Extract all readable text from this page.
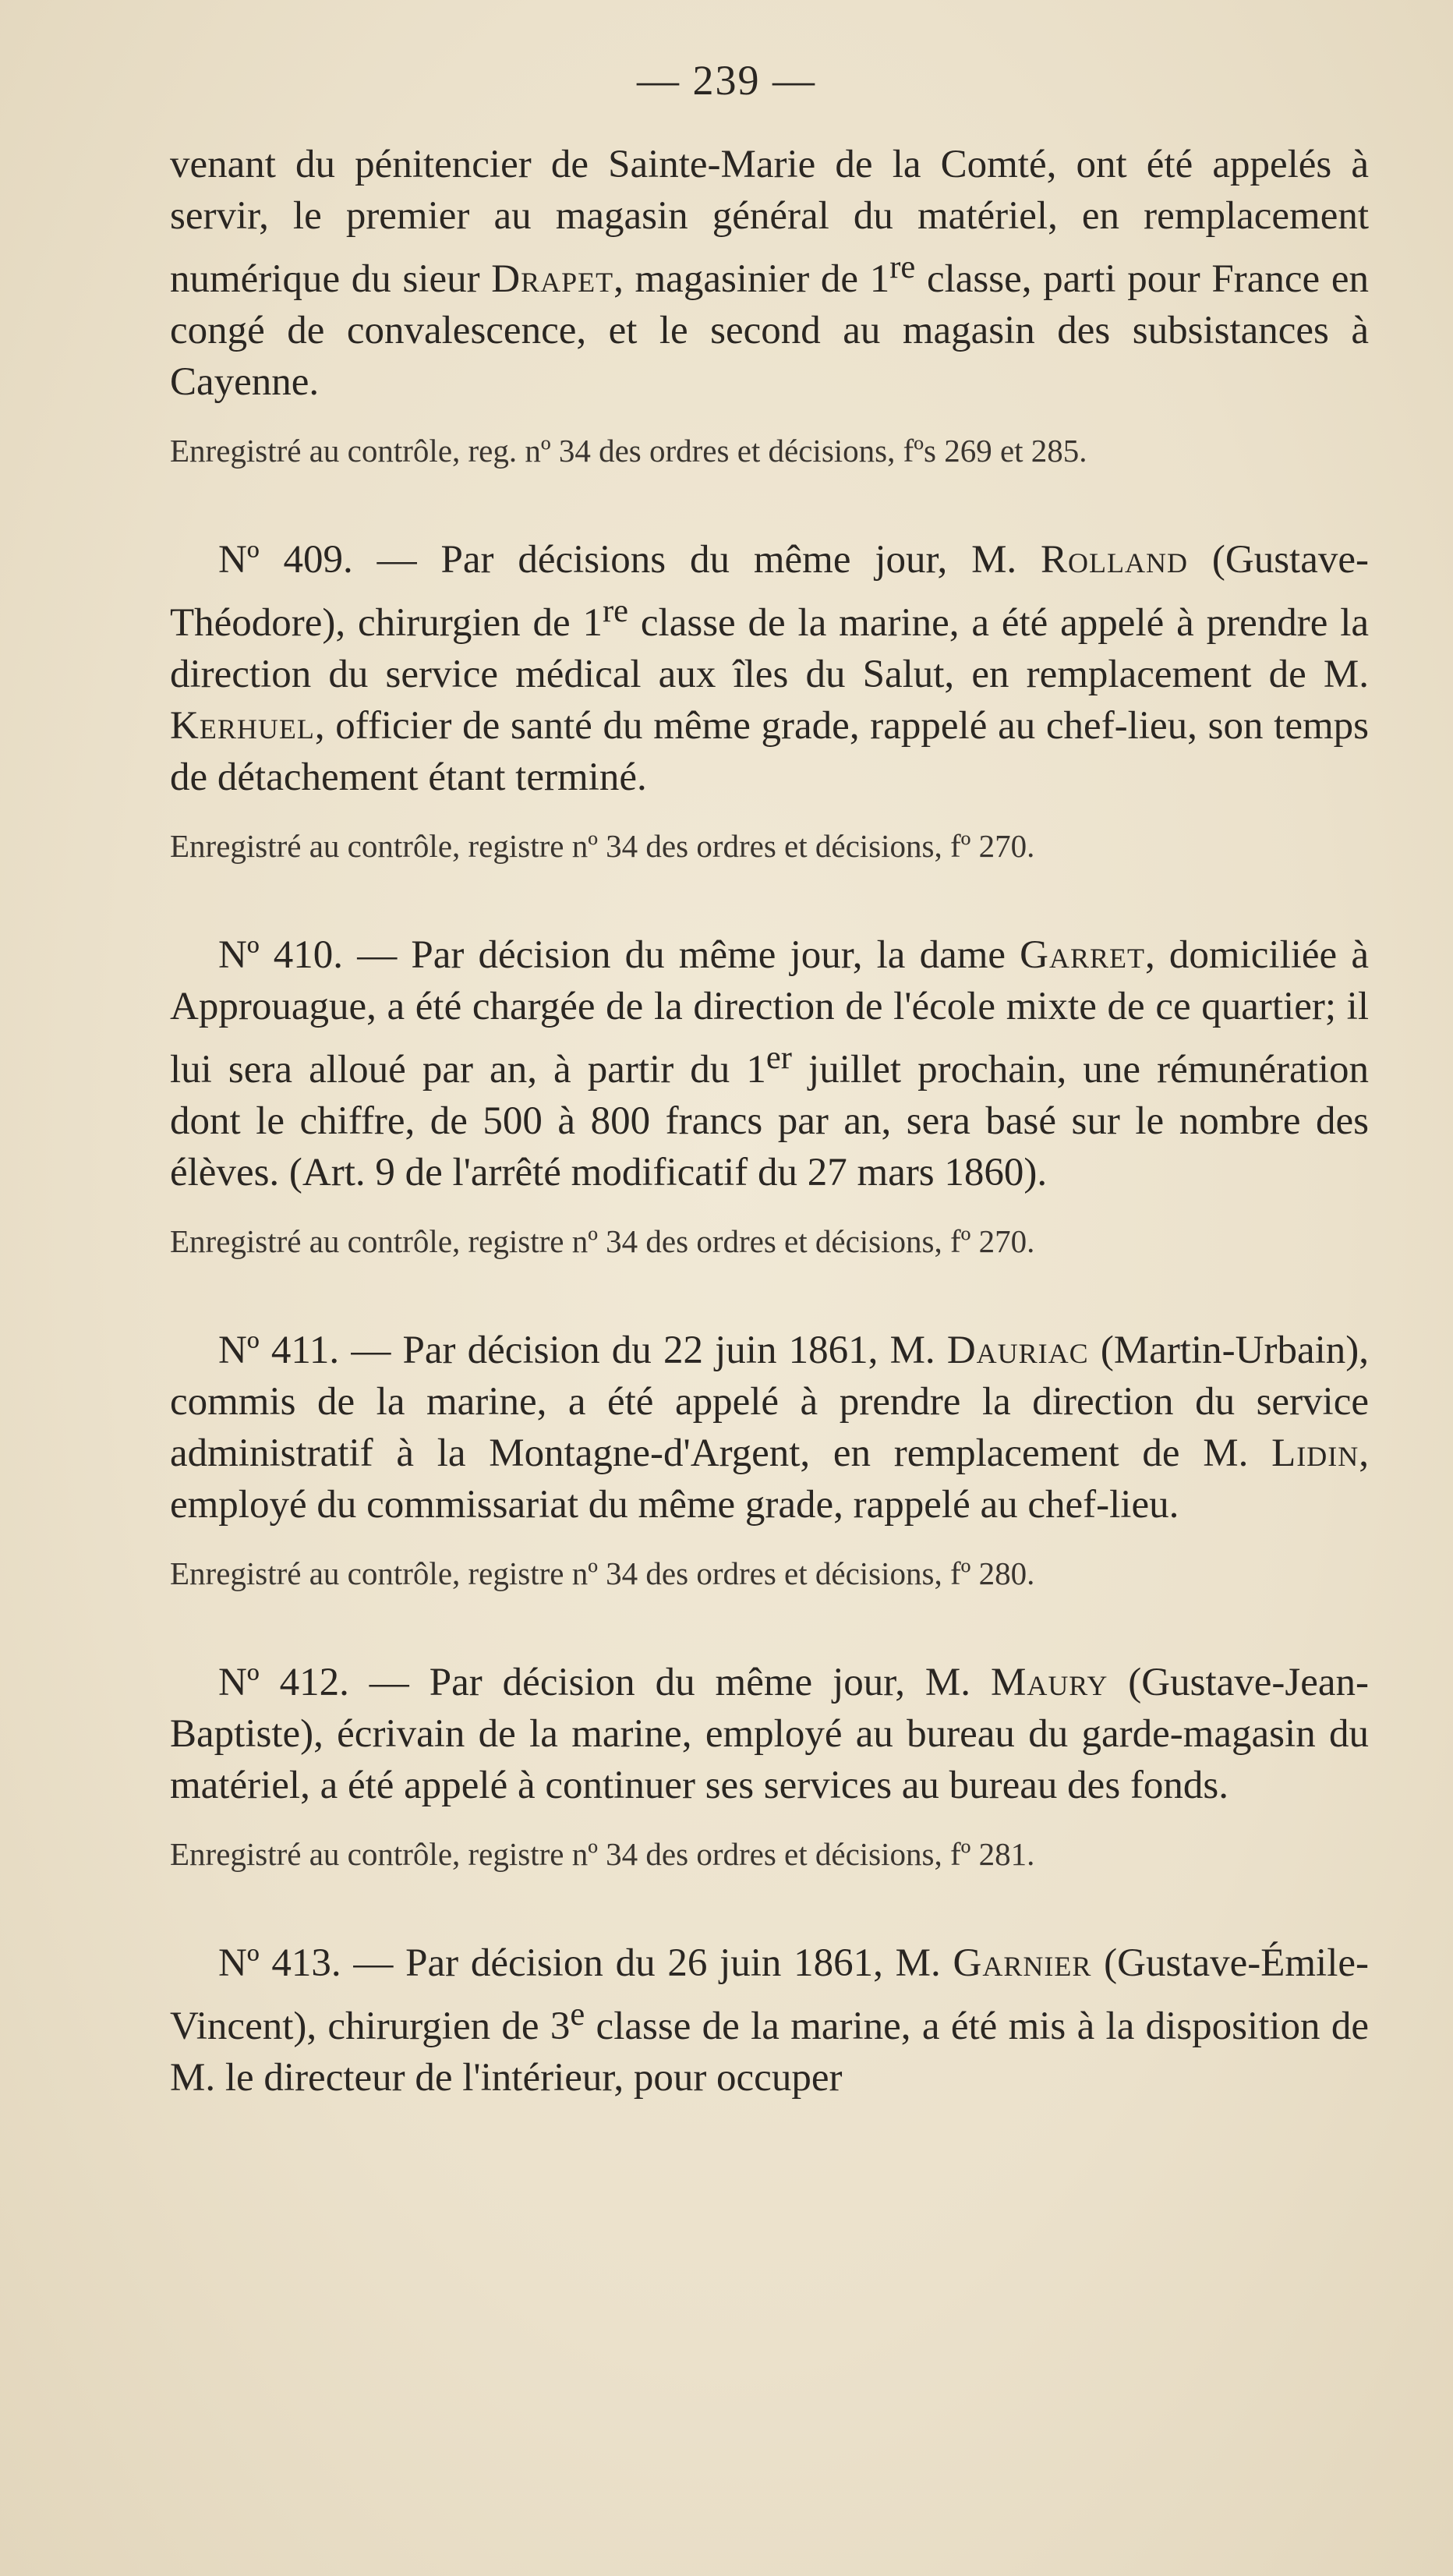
— 239 —

venant du pénitencier de Sainte-Marie de la Comté, ont été appelés à servir, le premier au magasin général du matériel, en remplacement numérique du sieur Drapet, magasinier de 1re classe, parti pour France en congé de convalescence, et le second au magasin des subsistances à Cayenne.

Enregistré au contrôle, reg. nº 34 des ordres et décisions, fºs 269 et 285.

Nº 409. — Par décisions du même jour, M. Rolland (Gustave-Théodore), chirurgien de 1re classe de la marine, a été appelé à prendre la direction du service médical aux îles du Salut, en remplacement de M. Kerhuel, officier de santé du même grade, rappelé au chef-lieu, son temps de détachement étant terminé.

Enregistré au contrôle, registre nº 34 des ordres et décisions, fº 270.

Nº 410. — Par décision du même jour, la dame Garret, domiciliée à Approuague, a été chargée de la direction de l'école mixte de ce quartier; il lui sera alloué par an, à partir du 1er juillet prochain, une rémunération dont le chiffre, de 500 à 800 francs par an, sera basé sur le nombre des élèves. (Art. 9 de l'arrêté modificatif du 27 mars 1860).

Enregistré au contrôle, registre nº 34 des ordres et décisions, fº 270.

Nº 411. — Par décision du 22 juin 1861, M. Dauriac (Martin-Urbain), commis de la marine, a été appelé à prendre la direction du service administratif à la Montagne-d'Argent, en remplacement de M. Lidin, employé du commissariat du même grade, rappelé au chef-lieu.

Enregistré au contrôle, registre nº 34 des ordres et décisions, fº 280.

Nº 412. — Par décision du même jour, M. Maury (Gustave-Jean-Baptiste), écrivain de la marine, employé au bureau du garde-magasin du matériel, a été appelé à continuer ses services au bureau des fonds.

Enregistré au contrôle, registre nº 34 des ordres et décisions, fº 281.

Nº 413. — Par décision du 26 juin 1861, M. Garnier (Gustave-Émile-Vincent), chirurgien de 3e classe de la marine, a été mis à la disposition de M. le directeur de l'intérieur, pour occuper
